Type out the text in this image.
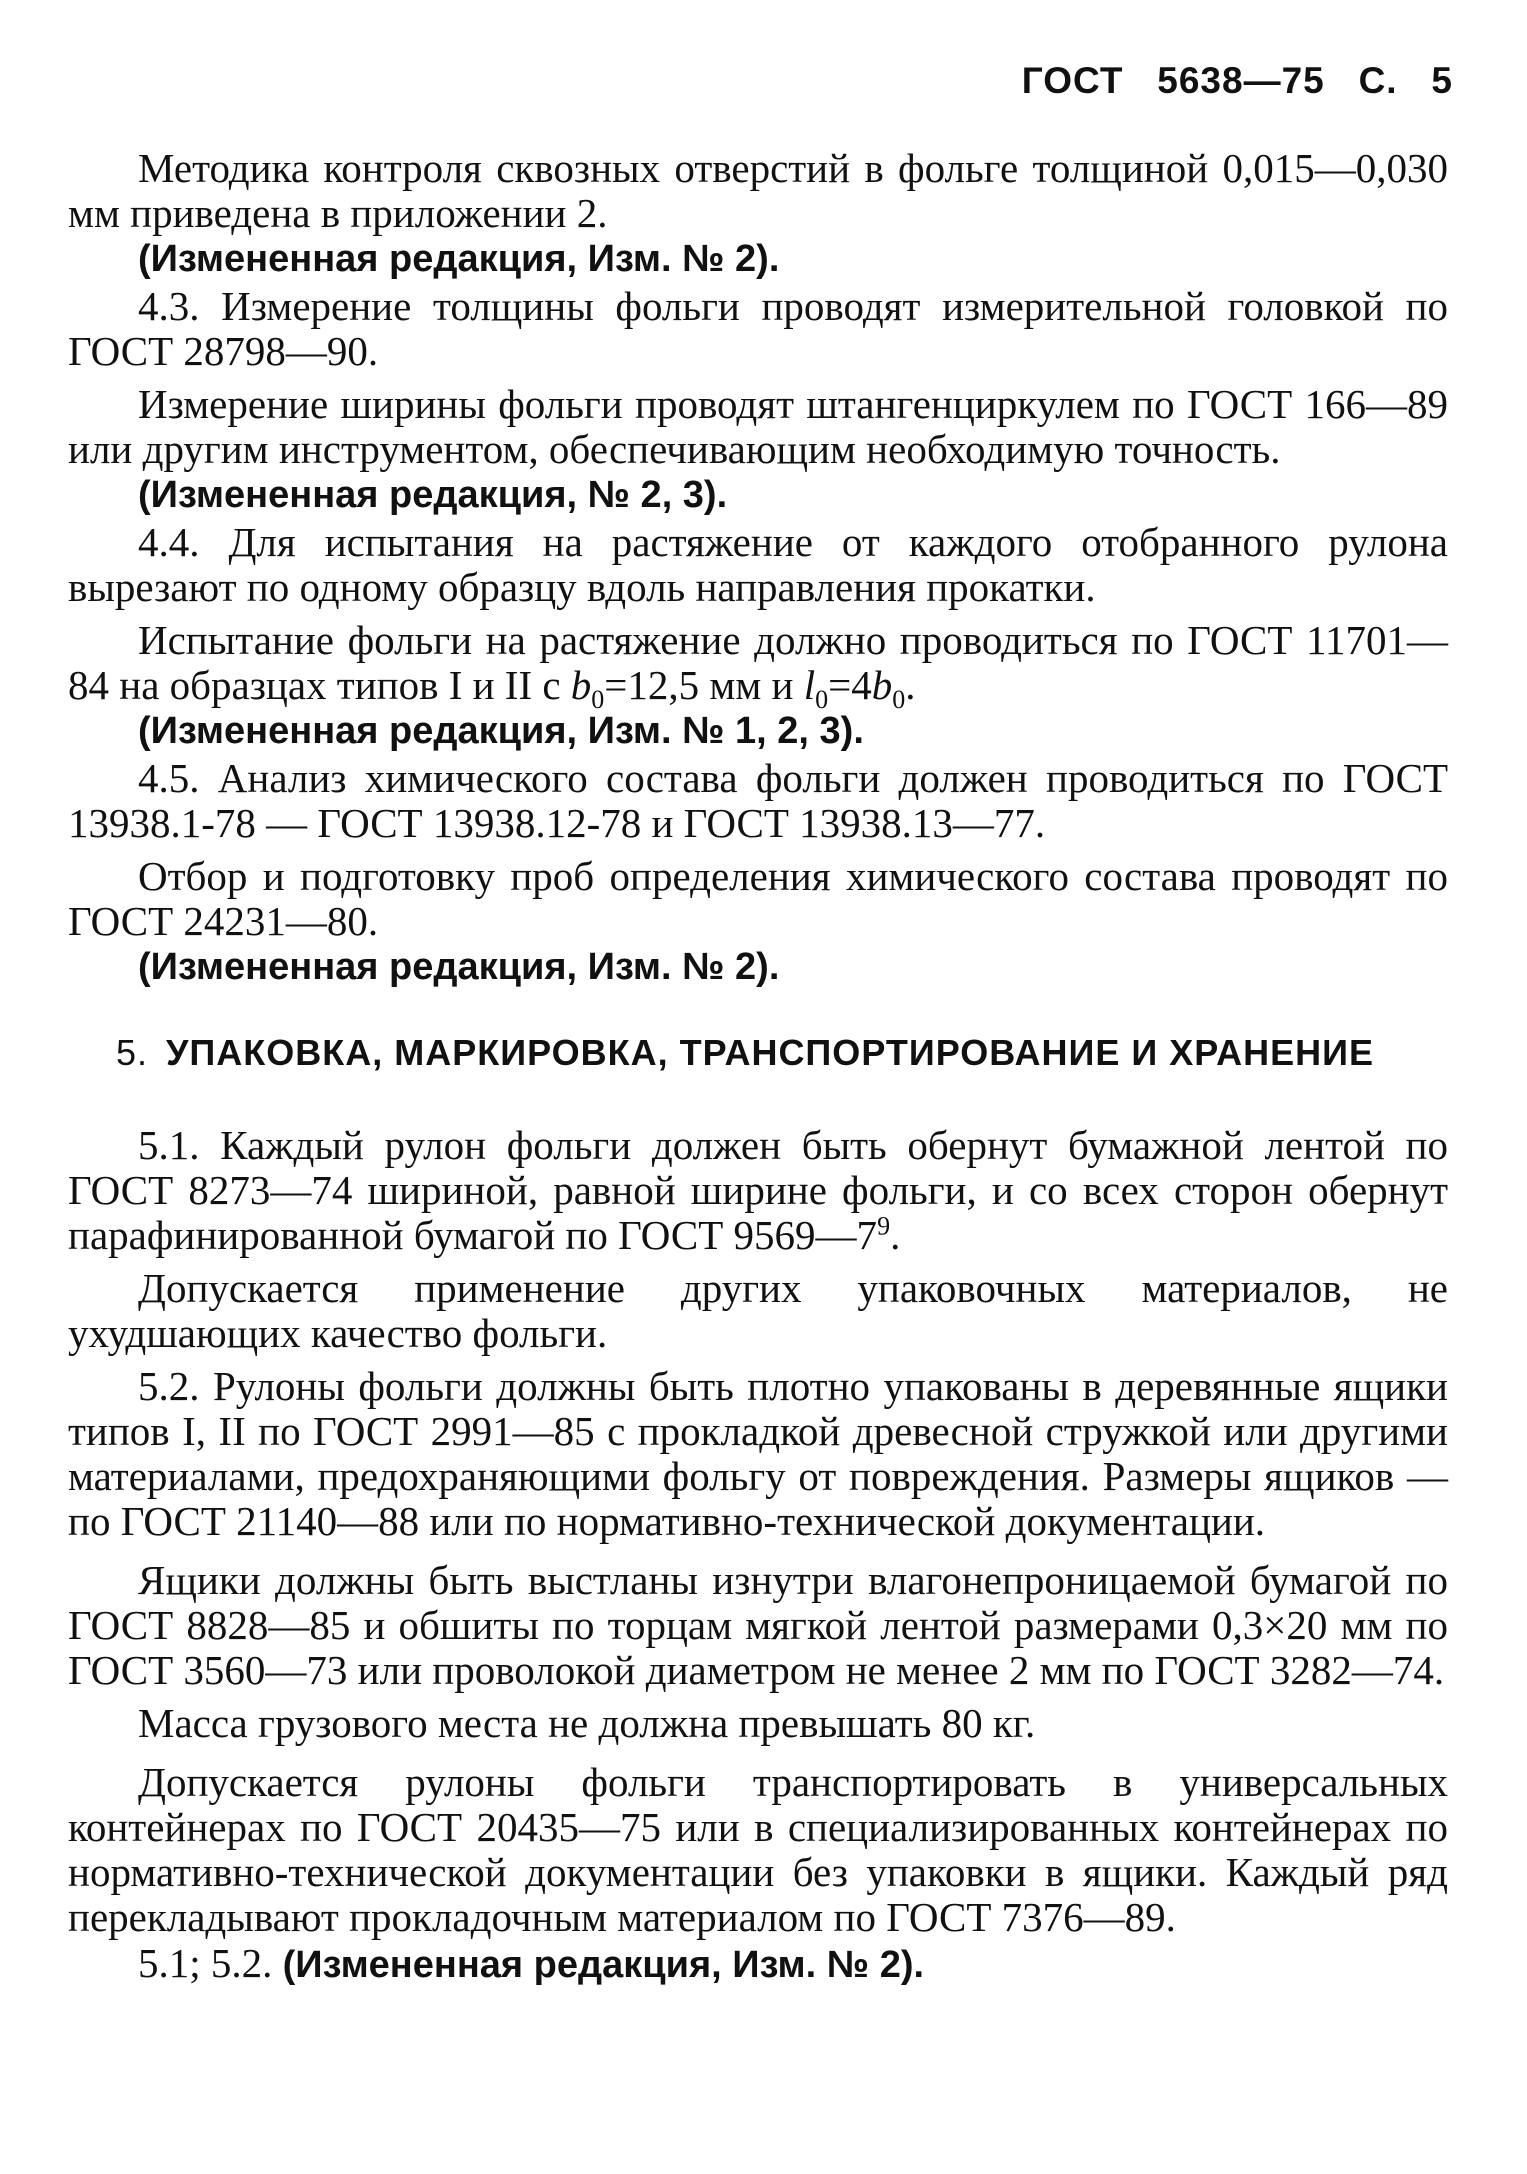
ГОСТ   5638—75   С.   5

Методика контроля сквозных отверстий в фольге толщиной 0,015—0,030 мм приведена в приложении 2.

(Измененная редакция, Изм. № 2).

4.3. Измерение толщины фольги проводят измерительной головкой по ГОСТ 28798—90.

Измерение ширины фольги проводят штангенциркулем по ГОСТ 166—89 или другим инструментом, обеспечивающим необходимую точность.

(Измененная редакция, № 2, 3).

4.4. Для испытания на растяжение от каждого отобранного рулона вырезают по одному образцу вдоль направления прокатки.

Испытание фольги на растяжение должно проводиться по ГОСТ 11701—84 на образцах типов I и II с $b_0=12,5$ мм и $l_0=4b_0$.

(Измененная редакция, Изм. № 1, 2, 3).

4.5. Анализ химического состава фольги должен проводиться по ГОСТ 13938.1-78 — ГОСТ 13938.12-78 и ГОСТ 13938.13—77.

Отбор и подготовку проб определения химического состава проводят по ГОСТ 24231—80.

(Измененная редакция, Изм. № 2).

5. УПАКОВКА, МАРКИРОВКА, ТРАНСПОРТИРОВАНИЕ И ХРАНЕНИЕ

5.1. Каждый рулон фольги должен быть обернут бумажной лентой по ГОСТ 8273—74 шириной, равной ширине фольги, и со всех сторон обернут парафинированной бумагой по ГОСТ $9569—7^9$.

Допускается применение других упаковочных материалов, не ухудшающих качество фольги.

5.2. Рулоны фольги должны быть плотно упакованы в деревянные ящики типов I, II по ГОСТ 2991—85 с прокладкой древесной стружкой или другими материалами, предохраняющими фольгу от повреждения. Размеры ящиков — по ГОСТ 21140—88 или по нормативно-технической документации.

Ящики должны быть выстланы изнутри влагонепроницаемой бумагой по ГОСТ 8828—85 и обшиты по торцам мягкой лентой размерами 0,3×20 мм по ГОСТ 3560—73 или проволокой диаметром не менее 2 мм по ГОСТ 3282—74.

Масса грузового места не должна превышать 80 кг.

Допускается рулоны фольги транспортировать в универсальных контейнерах по ГОСТ 20435—75 или в специализированных контейнерах по нормативно-технической документации без упаковки в ящики. Каждый ряд перекладывают прокладочным материалом по ГОСТ 7376—89.

5.1; 5.2. (Измененная редакция, Изм. № 2).
